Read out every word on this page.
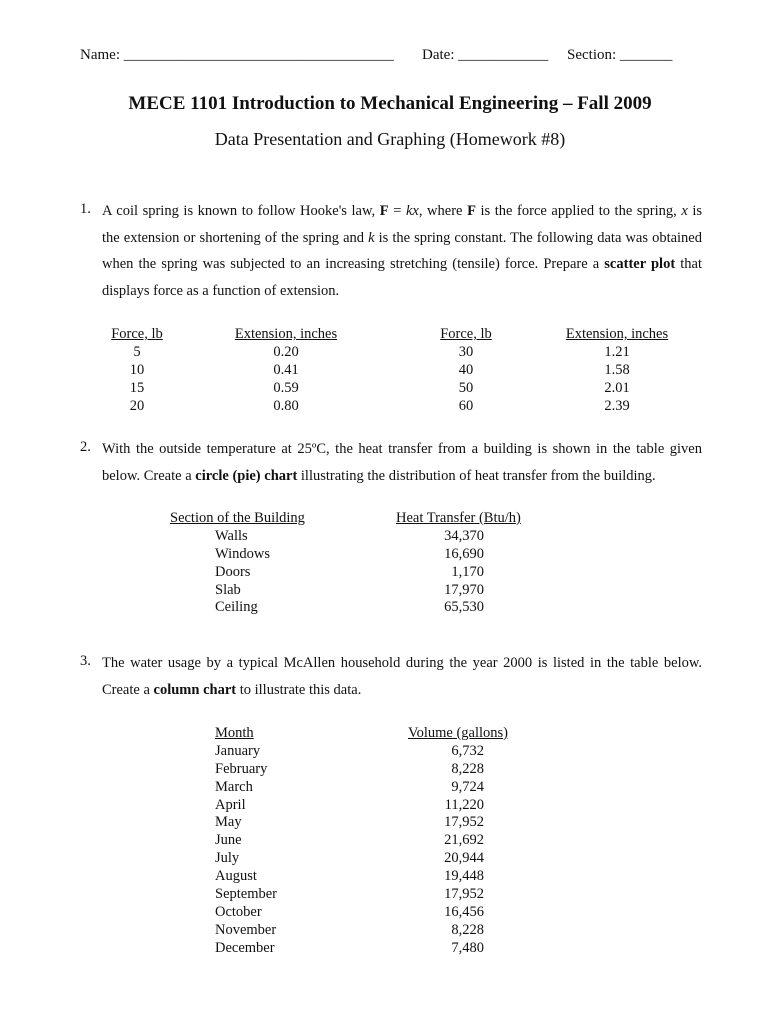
Name: ____________________________________ Date: ____________ Section: _______
MECE 1101 Introduction to Mechanical Engineering – Fall 2009
Data Presentation and Graphing (Homework #8)
1. A coil spring is known to follow Hooke's law, F = kx, where F is the force applied to the spring, x is the extension or shortening of the spring and k is the spring constant. The following data was obtained when the spring was subjected to an increasing stretching (tensile) force. Prepare a scatter plot that displays force as a function of extension.

Force, lb
5
10
15
20
Extension, inches
0.20
0.41
0.59
0.80
Force, lb
30
40
50
60
Extension, inches
1.21
1.58
2.01
2.39
2. With the outside temperature at 25ºC, the heat transfer from a building is shown in the table given below. Create a circle (pie) chart illustrating the distribution of heat transfer from the building.

Section of the Building
Walls
Windows
Doors
Slab
Ceiling
Heat Transfer (Btu/h)
34,370
16,690
1,170
17,970
65,530
3. The water usage by a typical McAllen household during the year 2000 is listed in the table below. Create a column chart to illustrate this data.

Month
January
February
March
April
May
June
July
August
September
October
November
December
Volume (gallons)
6,732
8,228
9,724
11,220
17,952
21,692
20,944
19,448
17,952
16,456
8,228
7,480
